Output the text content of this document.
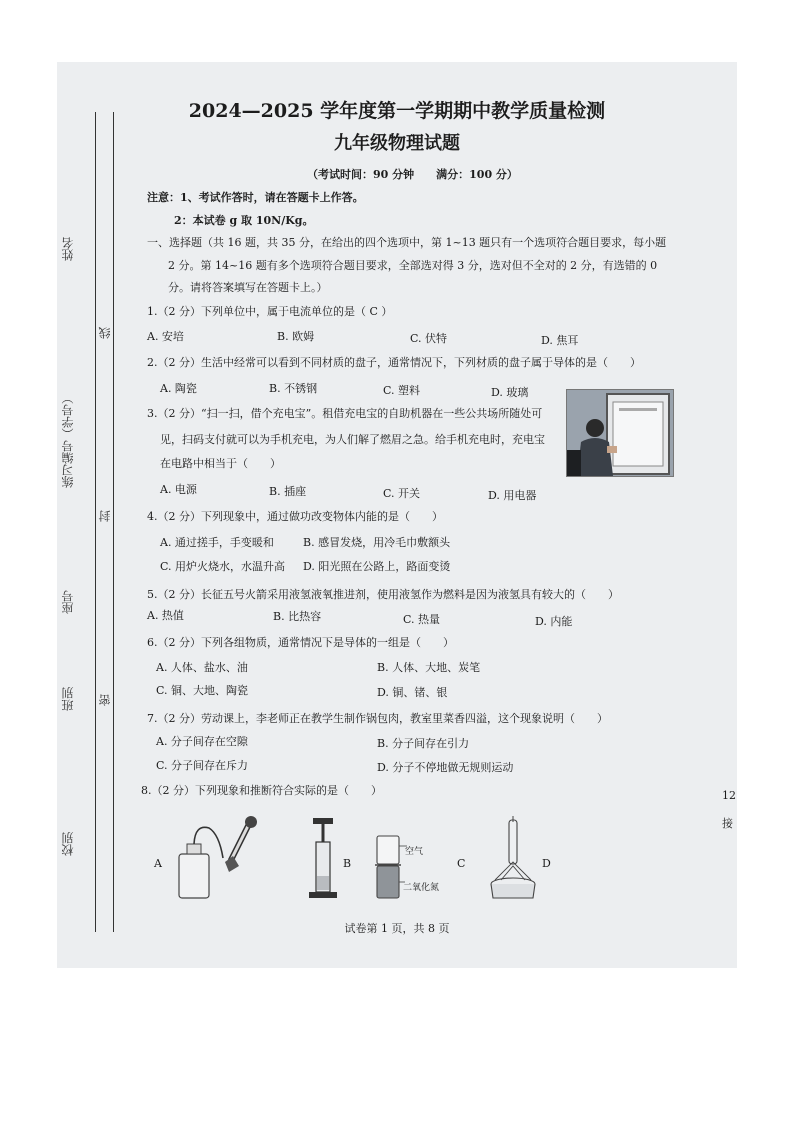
姓名
练习编号（学号）
座号
班别
校别
线
封
密
2024—2025 学年度第一学期期中教学质量检测
九年级物理试题
（考试时间：90 分钟　　满分：100 分）
注意：1、考试作答时，请在答题卡上作答。
2：本试卷 g 取 10N/Kg。
一、选择题（共 16 题，共 35 分，在给出的四个选项中，第 1~13 题只有一个选项符合题目要求，每小题
2 分。第 14~16 题有多个选项符合题目要求，全部选对得 3 分，选对但不全对的 2 分，有选错的 0
分。请将答案填写在答题卡上。）
1.（2 分）下列单位中，属于电流单位的是（ C ）
A. 安培	B. 欧姆	C. 伏特	D. 焦耳
2.（2 分）生活中经常可以看到不同材质的盘子，通常情况下，下列材质的盘子属于导体的是（　　）
A. 陶瓷	B. 不锈钢	C. 塑料	D. 玻璃
3.（2 分）“扫一扫，借个充电宝”。租借充电宝的自助机器在一些公共场所随处可
见，扫码支付就可以为手机充电，为人们解了燃眉之急。给手机充电时，充电宝
在电路中相当于（　　）
A. 电源	B. 插座	C. 开关	D. 用电器
4.（2 分）下列现象中，通过做功改变物体内能的是（　　）
A. 通过搓手，手变暖和	B. 感冒发烧，用冷毛巾敷额头
C. 用炉火烧水，水温升高 D. 阳光照在公路上，路面变烫
5.（2 分）长征五号火箭采用液氢液氧推进剂，使用液氢作为燃料是因为液氢具有较大的（　　）
A. 热值	B. 比热容	C. 热量	D. 内能
6.（2 分）下列各组物质，通常情况下是导体的一组是（　　）
A. 人体、盐水、油	B. 人体、大地、炭笔
C. 铜、大地、陶瓷	D. 铜、锗、银
7.（2 分）劳动课上，李老师正在教学生制作锅包肉，教室里菜香四溢，这个现象说明（　　）
A. 分子间存在空隙	B. 分子间存在引力
C. 分子间存在斥力	D. 分子不停地做无规则运动
8.（2 分）下列现象和推断符合实际的是（　　）
A	B
空气
二氧化氮
C	D
试卷第 1 页，共 8 页
12
接
